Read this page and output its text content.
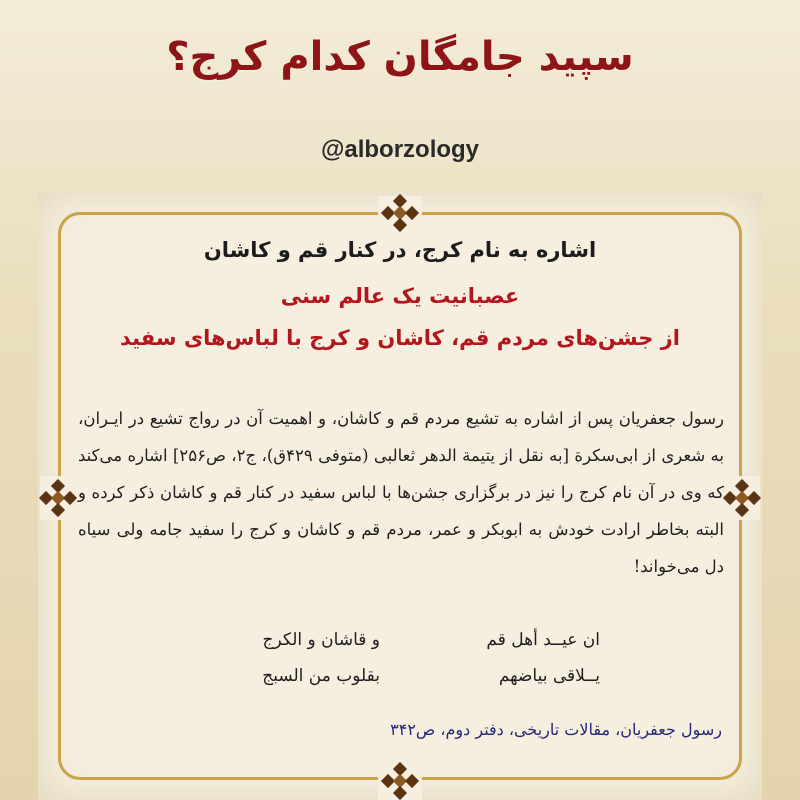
سپید جامگان کدام کرج؟
@alborzology
اشاره به نام کرج، در کنار قم و کاشان
عصبانیت یک عالم سنی
از جشن‌های مردم قم، کاشان و کرج با لباس‌های سفید
رسول جعفریان پس از اشاره به تشیع مردم قم و کاشان، و اهمیت آن در رواج تشیع در ایـران، به شعری از ابی‌سکرة [به نقل از یتیمة الدهر ثعالبی (متوفی ۴۲۹ق)، ج۲، ص۲۵۶] اشاره می‌کند که وی در آن نام کرج را نیز در برگزاری جشن‌ها با لباس سفید در کنار قم و کاشان ذکر کرده و البته بخاطر ارادت خودش به ابوبکر و عمر، مردم قم و کاشان و کرج را سفید جامه ولی سیاه دل می‌خواند!
ان عیــد أهل قم
و قاشان و الکرج
یــلاقی بیاضهم
بقلوب من السبج
رسول جعفریان، مقالات تاریخی، دفتر دوم، ص۳۴۲
